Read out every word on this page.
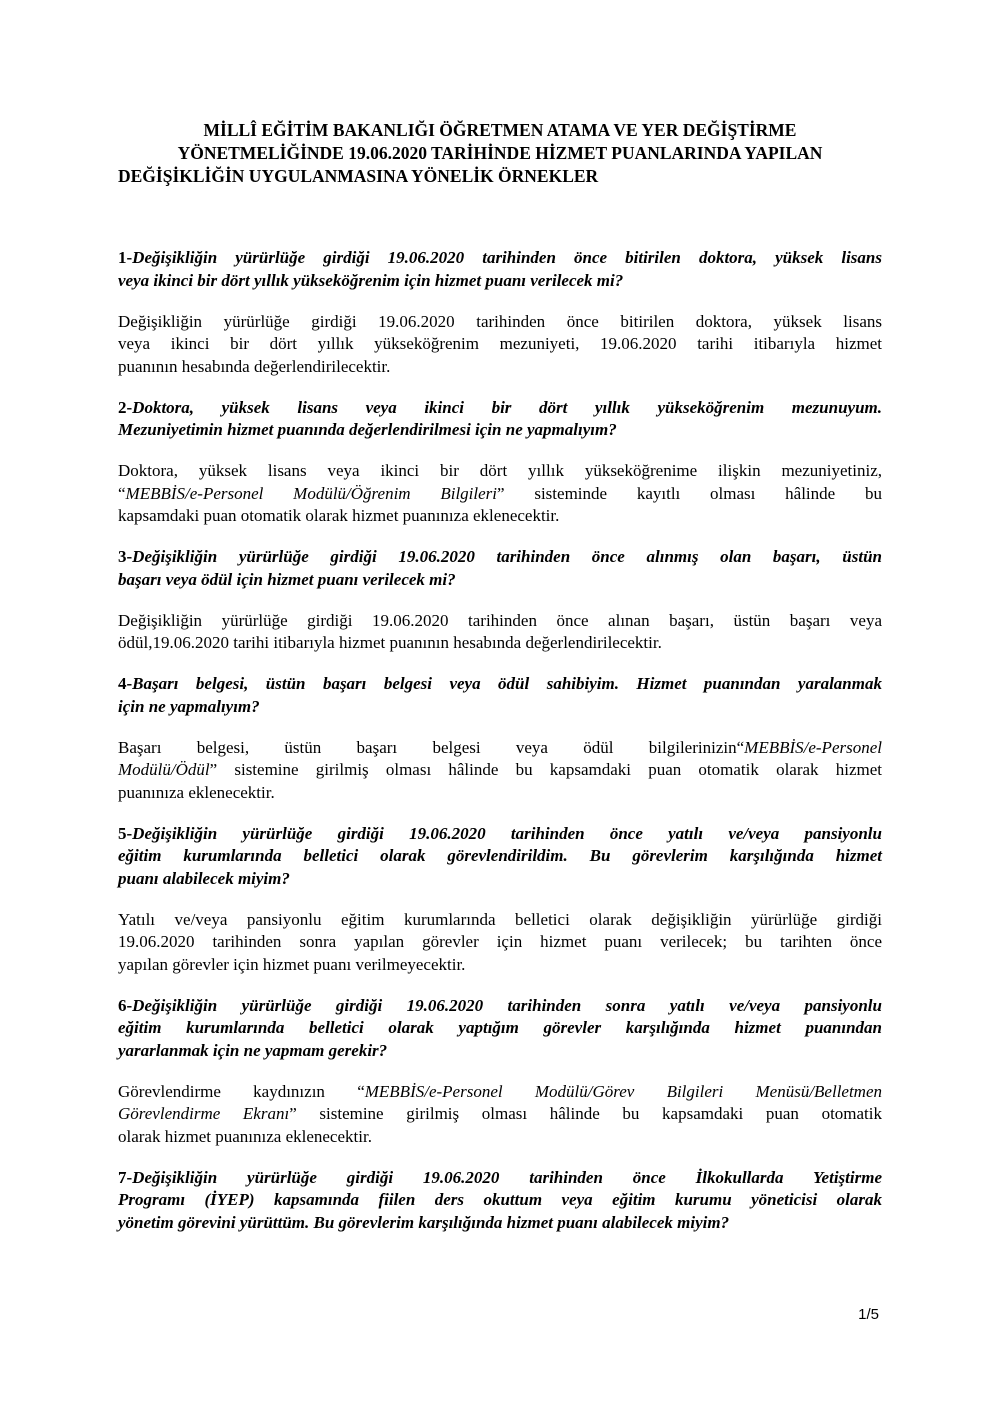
MİLLÎ EĞİTİM BAKANLIĞI ÖĞRETMEN ATAMA VE YER DEĞİŞTİRME
YÖNETMELİĞİNDE 19.06.2020 TARİHİNDE HİZMET PUANLARINDA YAPILAN
DEĞİŞİKLİĞİN UYGULANMASINA YÖNELİK ÖRNEKLER
1-Değişikliğin yürürlüğe girdiği 19.06.2020 tarihinden önce bitirilen doktora, yüksek lisans
veya ikinci bir dört yıllık yükseköğrenim için hizmet puanı verilecek mi?
Değişikliğin yürürlüğe girdiği 19.06.2020 tarihinden önce bitirilen doktora, yüksek lisans
veya ikinci bir dört yıllık yükseköğrenim mezuniyeti, 19.06.2020 tarihi itibarıyla hizmet
puanının hesabında değerlendirilecektir.
2-Doktora, yüksek lisans veya ikinci bir dört yıllık yükseköğrenim mezunuyum.
Mezuniyetimin hizmet puanında değerlendirilmesi için ne yapmalıyım?
Doktora, yüksek lisans veya ikinci bir dört yıllık yükseköğrenime ilişkin mezuniyetiniz,
“MEBBİS/e-Personel Modülü/Öğrenim Bilgileri” sisteminde kayıtlı olması hâlinde bu
kapsamdaki puan otomatik olarak hizmet puanınıza eklenecektir.
3-Değişikliğin yürürlüğe girdiği 19.06.2020 tarihinden önce alınmış olan başarı, üstün
başarı veya ödül için hizmet puanı verilecek mi?
Değişikliğin yürürlüğe girdiği 19.06.2020 tarihinden önce alınan başarı, üstün başarı veya
ödül,19.06.2020 tarihi itibarıyla hizmet puanının hesabında değerlendirilecektir.
4-Başarı belgesi, üstün başarı belgesi veya ödül sahibiyim. Hizmet puanından yaralanmak
için ne yapmalıyım?
Başarı belgesi, üstün başarı belgesi veya ödül bilgilerinizin“MEBBİS/e-Personel
Modülü/Ödül” sistemine girilmiş olması hâlinde bu kapsamdaki puan otomatik olarak hizmet
puanınıza eklenecektir.
5-Değişikliğin yürürlüğe girdiği 19.06.2020 tarihinden önce yatılı ve/veya pansiyonlu
eğitim kurumlarında belletici olarak görevlendirildim. Bu görevlerim karşılığında hizmet
puanı alabilecek miyim?
Yatılı ve/veya pansiyonlu eğitim kurumlarında belletici olarak değişikliğin yürürlüğe girdiği
19.06.2020 tarihinden sonra yapılan görevler için hizmet puanı verilecek; bu tarihten önce
yapılan görevler için hizmet puanı verilmeyecektir.
6-Değişikliğin yürürlüğe girdiği 19.06.2020 tarihinden sonra yatılı ve/veya pansiyonlu
eğitim kurumlarında belletici olarak yaptığım görevler karşılığında hizmet puanından
yararlanmak için ne yapmam gerekir?
Görevlendirme kaydınızın “MEBBİS/e-Personel Modülü/Görev Bilgileri Menüsü/Belletmen
Görevlendirme Ekranı” sistemine girilmiş olması hâlinde bu kapsamdaki puan otomatik
olarak hizmet puanınıza eklenecektir.
7-Değişikliğin yürürlüğe girdiği 19.06.2020 tarihinden önce İlkokullarda Yetiştirme
Programı (İYEP) kapsamında fiilen ders okuttum veya eğitim kurumu yöneticisi olarak
yönetim görevini yürüttüm. Bu görevlerim karşılığında hizmet puanı alabilecek miyim?
1/5
